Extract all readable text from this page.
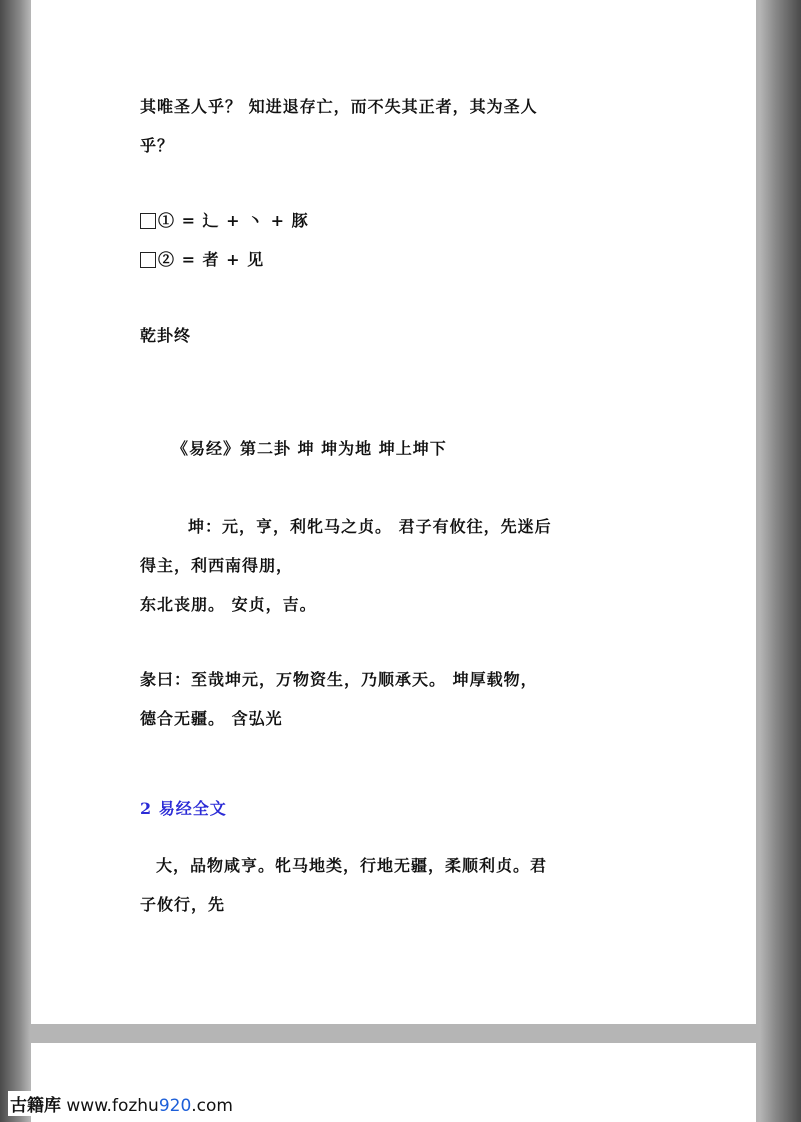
其唯圣人乎？ 知进退存亡，而不失其正者，其为圣人
乎？
① = 辶 + 丶 + 豚
② = 者 + 见
乾卦终
《易经》第二卦 坤 坤为地 坤上坤下
坤：元，亨，利牝马之贞。 君子有攸往，先迷后
得主，利西南得朋，
东北丧朋。 安贞，吉。
彖曰：至哉坤元，万物资生，乃顺承天。 坤厚载物，
德合无疆。 含弘光
2 易经全文
大，品物咸亨。牝马地类，行地无疆，柔顺利贞。君
子攸行，先
古籍库 www.fozhu920.com
